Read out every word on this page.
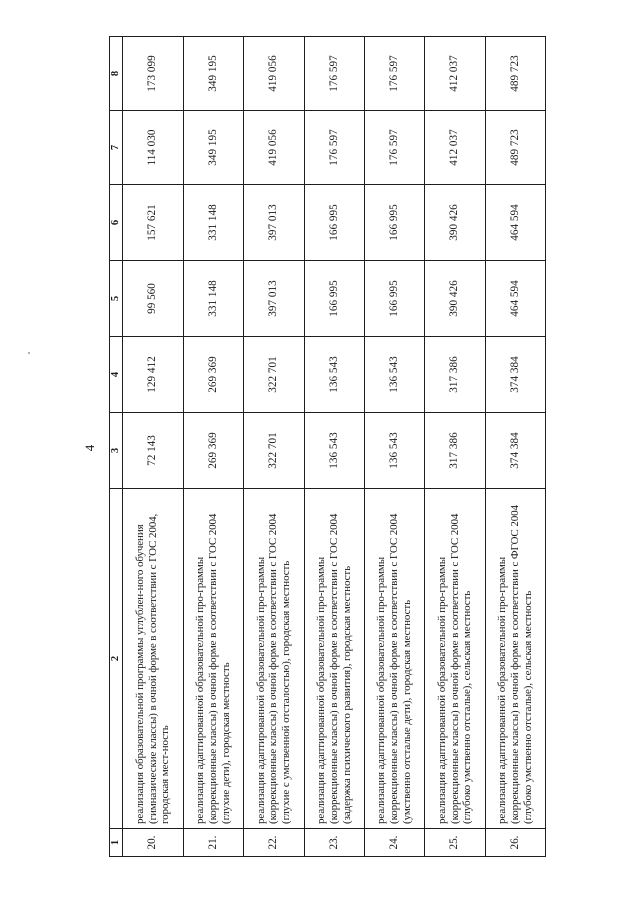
4
1	2	3	4	5	6	7	8
20.	реализация образовательной программы углублен-ного обучения (гимназические классы) в очной форме в соответствии с ГОС 2004, городская мест-ность	72 143	129 412	99 560	157 621	114 030	173 099
21.	реализация адаптированной образовательной про-граммы (коррекционные классы) в очной форме в соответствии с ГОС 2004 (глухие дети), городская местность	269 369	269 369	331 148	331 148	349 195	349 195
22.	реализация адаптированной образовательной про-граммы (коррекционные классы) в очной форме в соответствии с ГОС 2004 (глухие с умственной отсталостью), городская местность	322 701	322 701	397 013	397 013	419 056	419 056
23.	реализация адаптированной образовательной про-граммы (коррекционные классы) в очной форме в соответствии с ГОС 2004 (задержка психического развития), городская местность	136 543	136 543	166 995	166 995	176 597	176 597
24.	реализация адаптированной образовательной про-граммы (коррекционные классы) в очной форме в соответствии с ГОС 2004 (умственно отсталые дети), городская местность	136 543	136 543	166 995	166 995	176 597	176 597
25.	реализация адаптированной образовательной про-граммы (коррекционные классы) в очной форме в соответствии с ГОС 2004 (глубоко умственно отсталые), сельская местность	317 386	317 386	390 426	390 426	412 037	412 037
26.	реализация адаптированной образовательной про-граммы (коррекционные классы) в очной форме в соответствии с ФГОС 2004 (глубоко умственно отсталые), сельская местность	374 384	374 384	464 594	464 594	489 723	489 723
